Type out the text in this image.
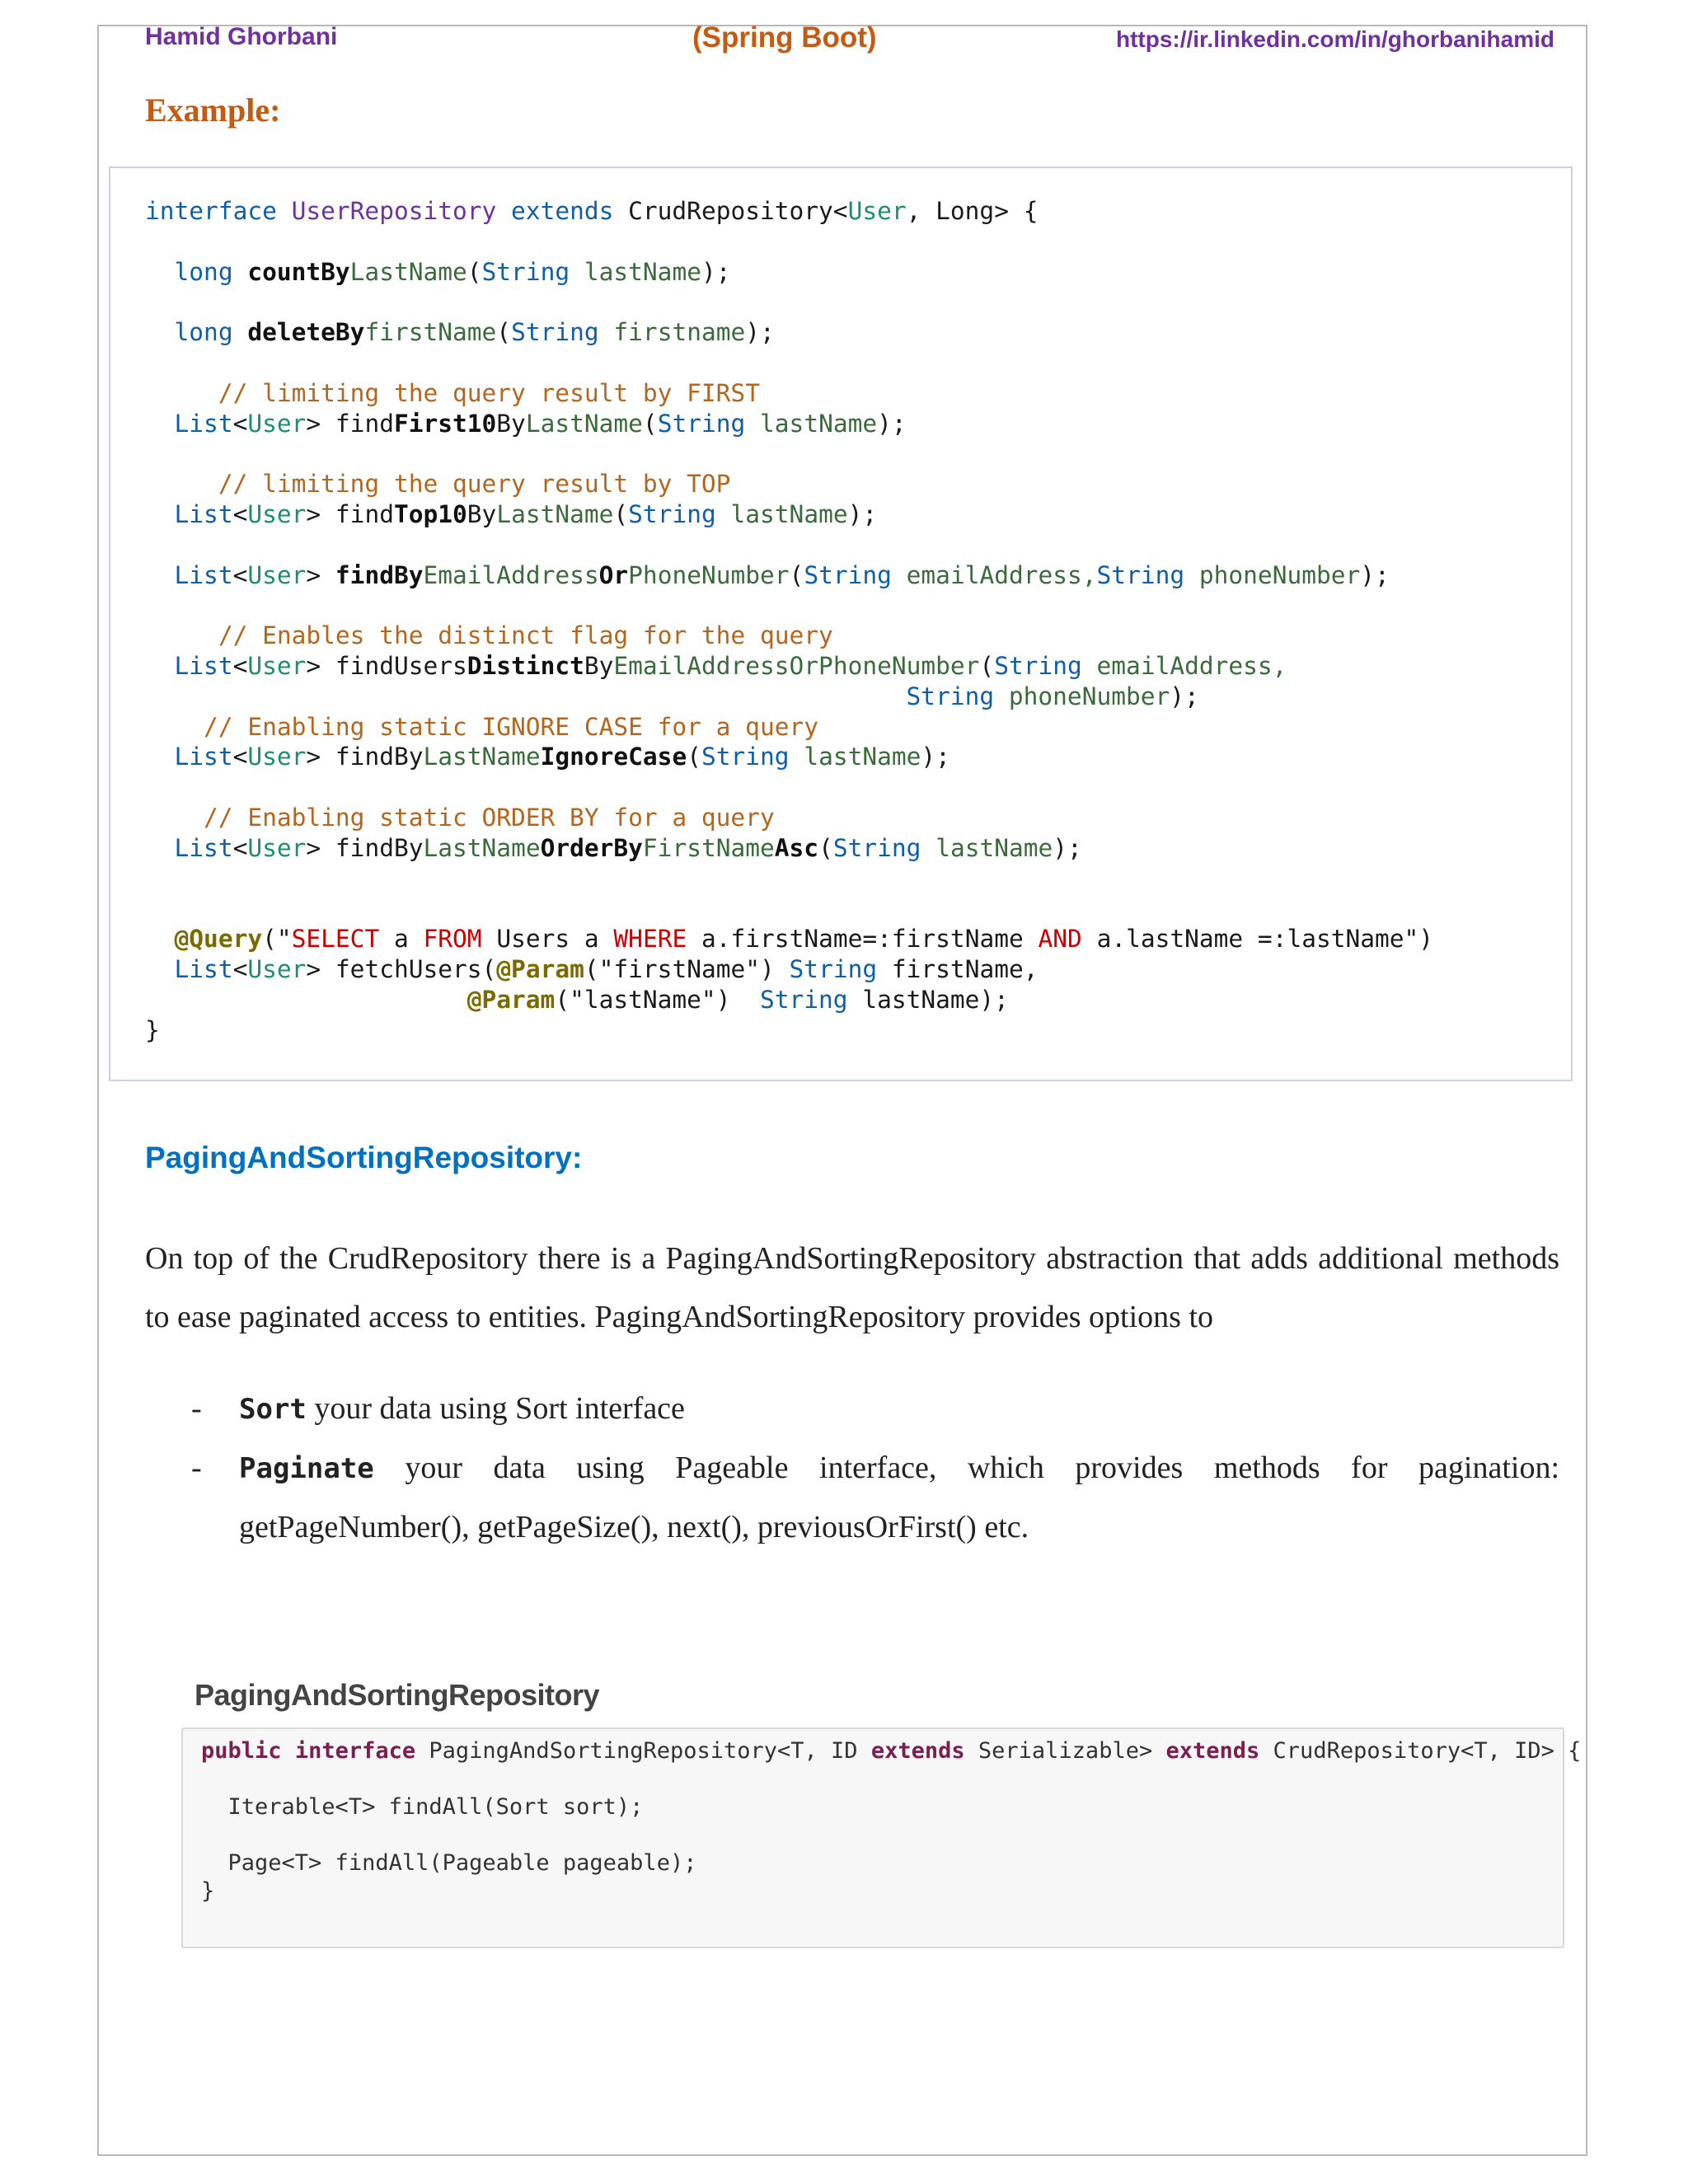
Hamid Ghorbani	(Spring Boot)	https://ir.linkedin.com/in/ghorbanihamid
Example:
interface UserRepository extends CrudRepository<User, Long> {

long countByLastName(String lastName);

long deleteByfirstName(String firstname);

// limiting the query result by FIRST
List<User> findFirst10ByLastName(String lastName);

// limiting the query result by TOP
List<User> findTop10ByLastName(String lastName);

List<User> findByEmailAddressOrPhoneNumber(String emailAddress,String phoneNumber);

// Enables the distinct flag for the query
List<User> findUsersDistinctByEmailAddressOrPhoneNumber(String emailAddress,
String phoneNumber);
// Enabling static IGNORE CASE for a query
List<User> findByLastNameIgnoreCase(String lastName);

// Enabling static ORDER BY for a query
List<User> findByLastNameOrderByFirstNameAsc(String lastName);

@Query("SELECT a FROM Users a WHERE a.firstName=:firstName AND a.lastName =:lastName")
List<User> fetchUsers(@Param("firstName") String firstName,
@Param("lastName")  String lastName);
}
PagingAndSortingRepository:

On top of the CrudRepository there is a PagingAndSortingRepository abstraction that adds additional methods to ease paginated access to entities. PagingAndSortingRepository provides options to

- Sort your data using Sort interface
- Paginate your data using Pageable interface, which provides methods for pagination: getPageNumber(), getPageSize(), next(), previousOrFirst() etc.
PagingAndSortingRepository
public interface PagingAndSortingRepository<T, ID extends Serializable> extends CrudRepository<T, ID> {

Iterable<T> findAll(Sort sort);

Page<T> findAll(Pageable pageable);
}
